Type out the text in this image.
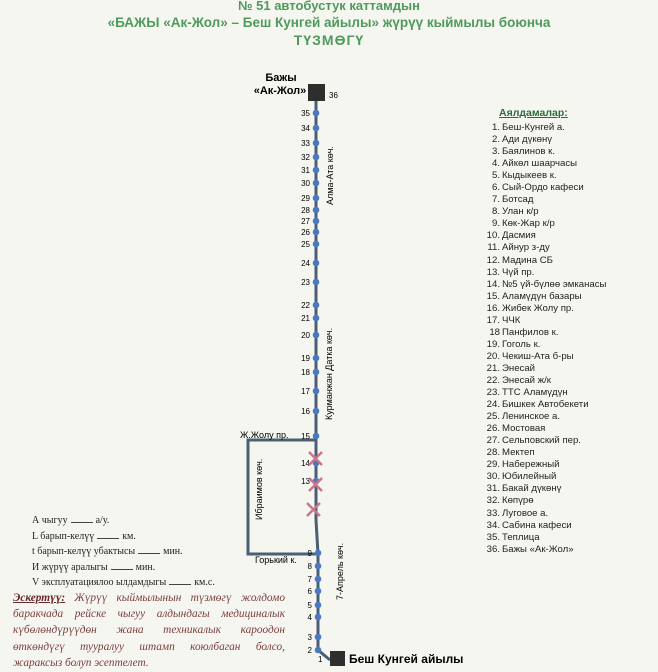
№ 51 автобустук каттамдын
«БАЖЫ «Ак-Жол» – Беш Кунгей айылы» жүрүү кыймылы боюнча
ТҮЗМӨГҮ
Бажы
«Ак-Жол»	36
35
34
33
32
31
30
29
28
27
26
25
24
23
22
21
20
19
18
17
16
15
14
13
9
8
7
6
5
4
3
2
Алма-Ата көч.
Курманжан Датка көч.
Ж.Жолу пр.
Ибраимов көч.
Горький к.	7-Апрель көч.
1 Беш Кунгей айылы
Аялдамалар:
1. Беш-Кунгей а.
2. Ади дүкөнү
3. Баялинов к.
4. Айкөл шаарчасы
5. Кыдыкеев к.
6. Сый-Ордо кафеси
7. Ботсад
8. Улан к/р
9. Көк-Жар к/р
10. Дасмия
11. Айнур з-ду
12. Мадина СБ
13. Чүй пр.
14. №5 үй-бүлөө эмканасы
15. Аламүдүн базары
16. Жибек Жолу пр.
17. ЧЧК
18 Панфилов к.
19. Гоголь к.
20. Чекиш-Ата б-ры
21. Энесай
22. Энесай ж/к
23. ТТС Аламүдүн
24. Бишкек Автобекети
25. Ленинское а.
26. Мостовая
27. Сельповский пер.
28. Мектеп
29. Набережный
30. Юбилейный
31. Бакай дүкөнү
32. Көпүрө
33. Луговое а.
34. Сабина кафеси
35. Теплица
36. Бажы «Ак-Жол»
А чыгуу	а/у.
L барып-келүү	км.
t барып-келүү убактысы	мин.
И жүрүү аралыгы	мин.
V эксплуатациялоо ылдамдыгы	км.с.
Эскертүү: Жүрүү кыймылынын түзмөгү жолдомо баракчада рейске чыгуу алдындагы медициналык күбөлөндүрүүдөн жана техникалык кароодон өткөндүгү тууралуу штамп коюлбаган болсо, жараксыз болуп эсептелет.
